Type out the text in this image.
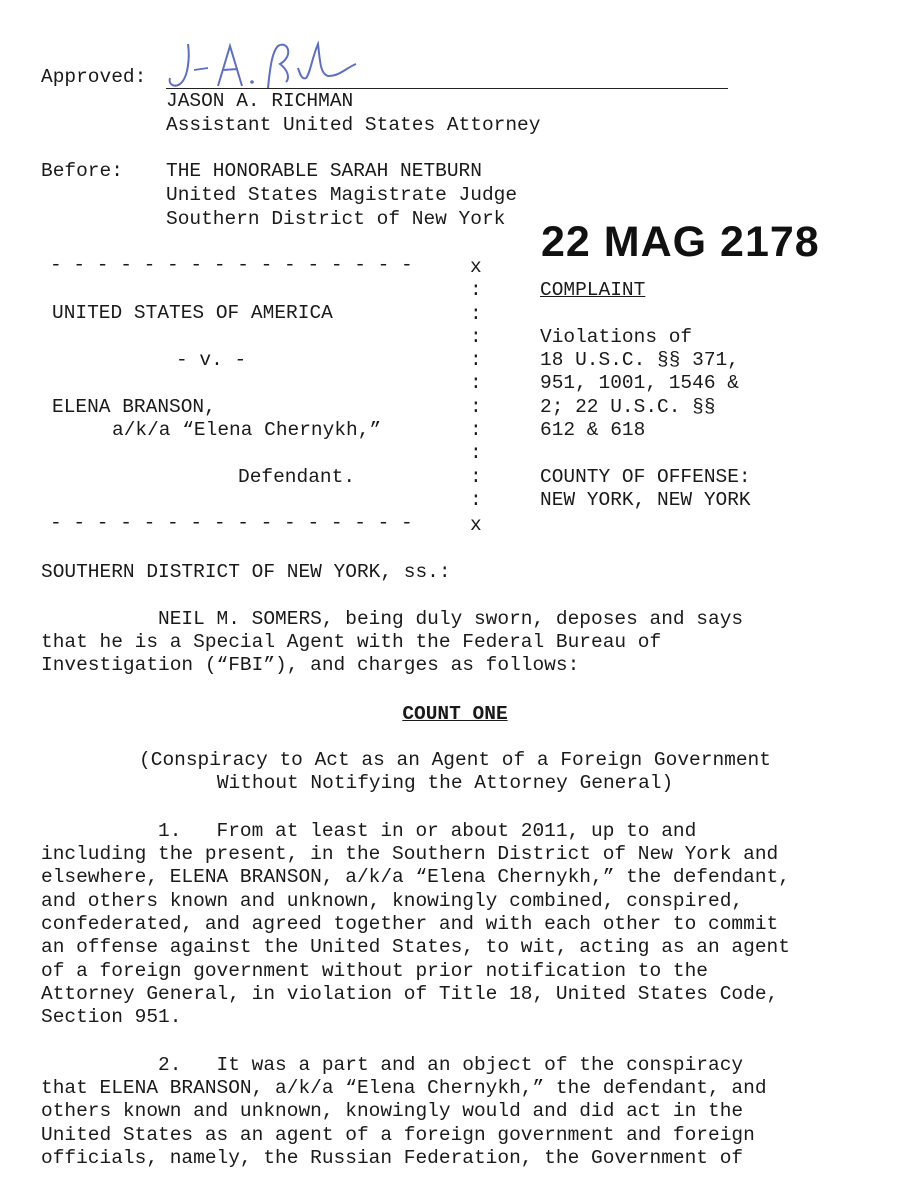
Approved:
JASON A. RICHMAN
Assistant United States Attorney
Before: THE HONORABLE SARAH NETBURN
United States Magistrate Judge
Southern District of New York 22 MAG 2178
- - - - - - - - - - - - - - - -	x
:
:
:
:
:
:
:
:
:
:
UNITED STATES OF AMERICA
- v. -
ELENA BRANSON,
a/k/a “Elena Chernykh,”
Defendant.
- - - - - - - - - - - - - - - -	x
COMPLAINT
Violations of
18 U.S.C. §§ 371,
951, 1001, 1546 &
2; 22 U.S.C. §§
612 & 618
COUNTY OF OFFENSE:
NEW YORK, NEW YORK
SOUTHERN DISTRICT OF NEW YORK, ss.:
NEIL M. SOMERS, being duly sworn, deposes and says
that he is a Special Agent with the Federal Bureau of
Investigation (“FBI”), and charges as follows:
COUNT ONE
(Conspiracy to Act as an Agent of a Foreign Government
Without Notifying the Attorney General)
1.   From at least in or about 2011, up to and
including the present, in the Southern District of New York and
elsewhere, ELENA BRANSON, a/k/a “Elena Chernykh,” the defendant,
and others known and unknown, knowingly combined, conspired,
confederated, and agreed together and with each other to commit
an offense against the United States, to wit, acting as an agent
of a foreign government without prior notification to the
Attorney General, in violation of Title 18, United States Code,
Section 951.
2.   It was a part and an object of the conspiracy
that ELENA BRANSON, a/k/a “Elena Chernykh,” the defendant, and
others known and unknown, knowingly would and did act in the
United States as an agent of a foreign government and foreign
officials, namely, the Russian Federation, the Government of
